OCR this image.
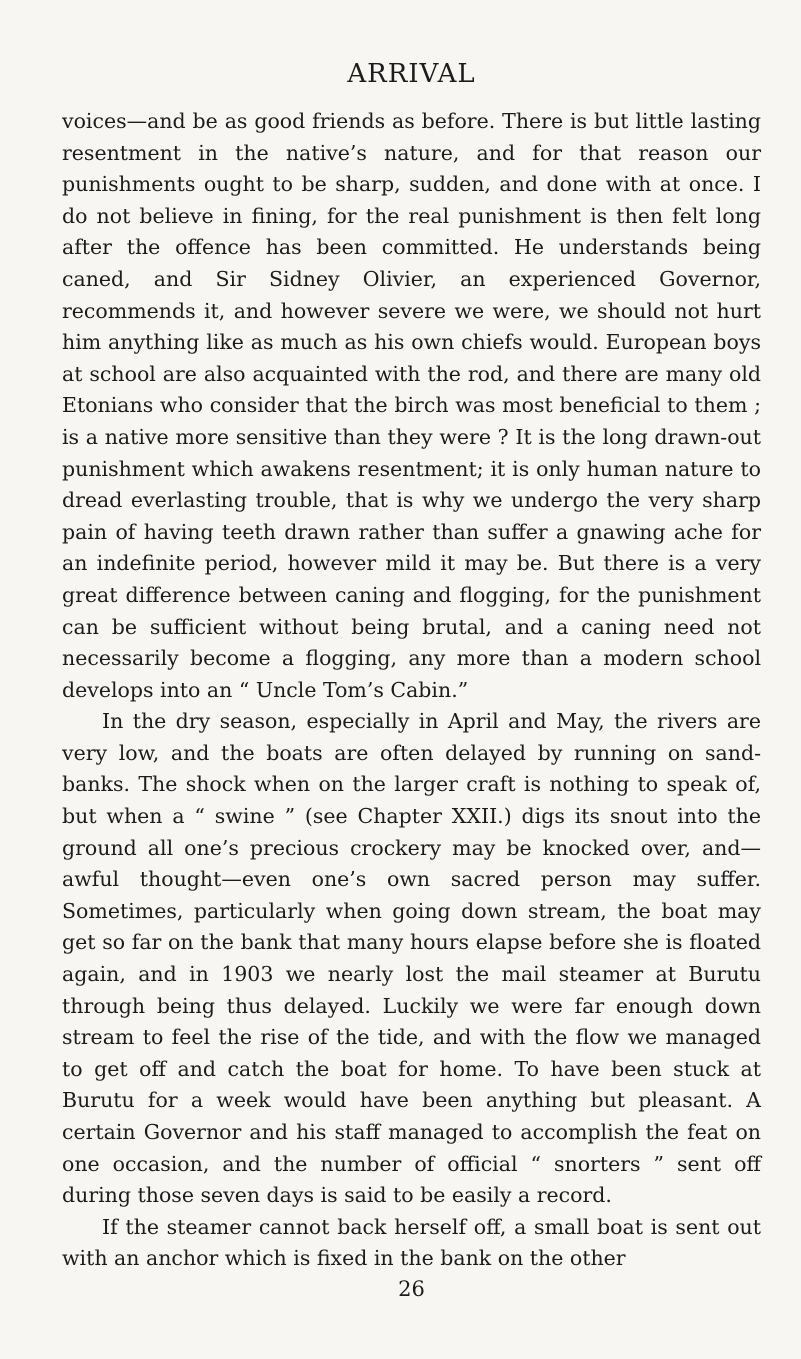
ARRIVAL

voices—and be as good friends as before. There is but little lasting resentment in the native’s nature, and for that reason our punishments ought to be sharp, sudden, and done with at once. I do not believe in fining, for the real punishment is then felt long after the offence has been committed. He understands being caned, and Sir Sidney Olivier, an experienced Governor, recommends it, and however severe we were, we should not hurt him anything like as much as his own chiefs would. European boys at school are also acquainted with the rod, and there are many old Etonians who consider that the birch was most beneficial to them ; is a native more sensitive than they were ? It is the long drawn-out punishment which awakens resentment; it is only human nature to dread everlasting trouble, that is why we undergo the very sharp pain of having teeth drawn rather than suffer a gnawing ache for an indefinite period, however mild it may be. But there is a very great difference between caning and flogging, for the punishment can be sufficient without being brutal, and a caning need not necessarily become a flogging, any more than a modern school develops into an “ Uncle Tom’s Cabin.”

In the dry season, especially in April and May, the rivers are very low, and the boats are often delayed by running on sand-banks. The shock when on the larger craft is nothing to speak of, but when a “ swine ” (see Chapter XXII.) digs its snout into the ground all one’s precious crockery may be knocked over, and—awful thought—even one’s own sacred person may suffer. Sometimes, particularly when going down stream, the boat may get so far on the bank that many hours elapse before she is floated again, and in 1903 we nearly lost the mail steamer at Burutu through being thus delayed. Luckily we were far enough down stream to feel the rise of the tide, and with the flow we managed to get off and catch the boat for home. To have been stuck at Burutu for a week would have been anything but pleasant. A certain Governor and his staff managed to accomplish the feat on one occasion, and the number of official “ snorters ” sent off during those seven days is said to be easily a record.

If the steamer cannot back herself off, a small boat is sent out with an anchor which is fixed in the bank on the other

26
